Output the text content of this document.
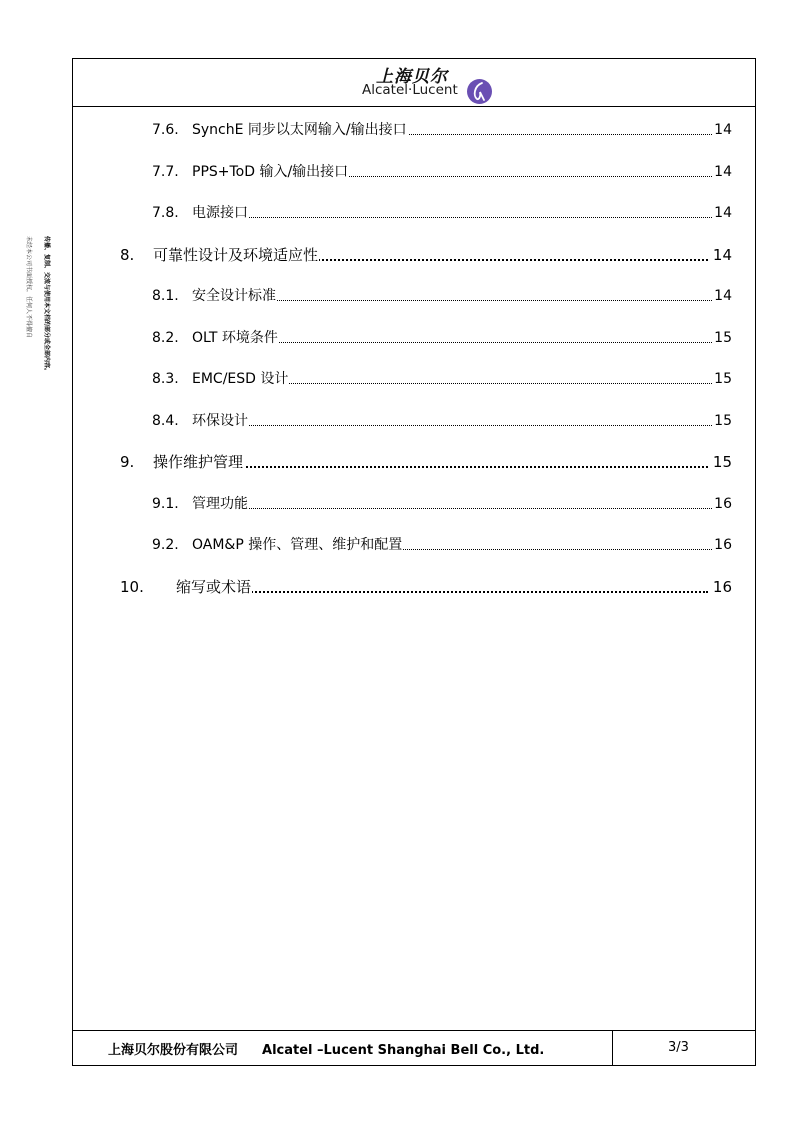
上海贝尔
Alcatel·Lucent
未经本公司书面授权，任何人不得擅自	传播、复制、交流与使用本文档的部分或全部内容。
7.6. SynchE 同步以太网输入/输出接口	14
7.7. PPS+ToD 输入/输出接口	14
7.8. 电源接口	14
8. 可靠性设计及环境适应性	14
8.1. 安全设计标准	14
8.2. OLT 环境条件	15
8.3. EMC/ESD 设计	15
8.4. 环保设计	15
9. 操作维护管理	15
9.1. 管理功能	16
9.2. OAM&P 操作、管理、维护和配置	16
10. 缩写或术语	16
上海贝尔股份有限公司 Alcatel –Lucent Shanghai Bell Co., Ltd.	3/3
